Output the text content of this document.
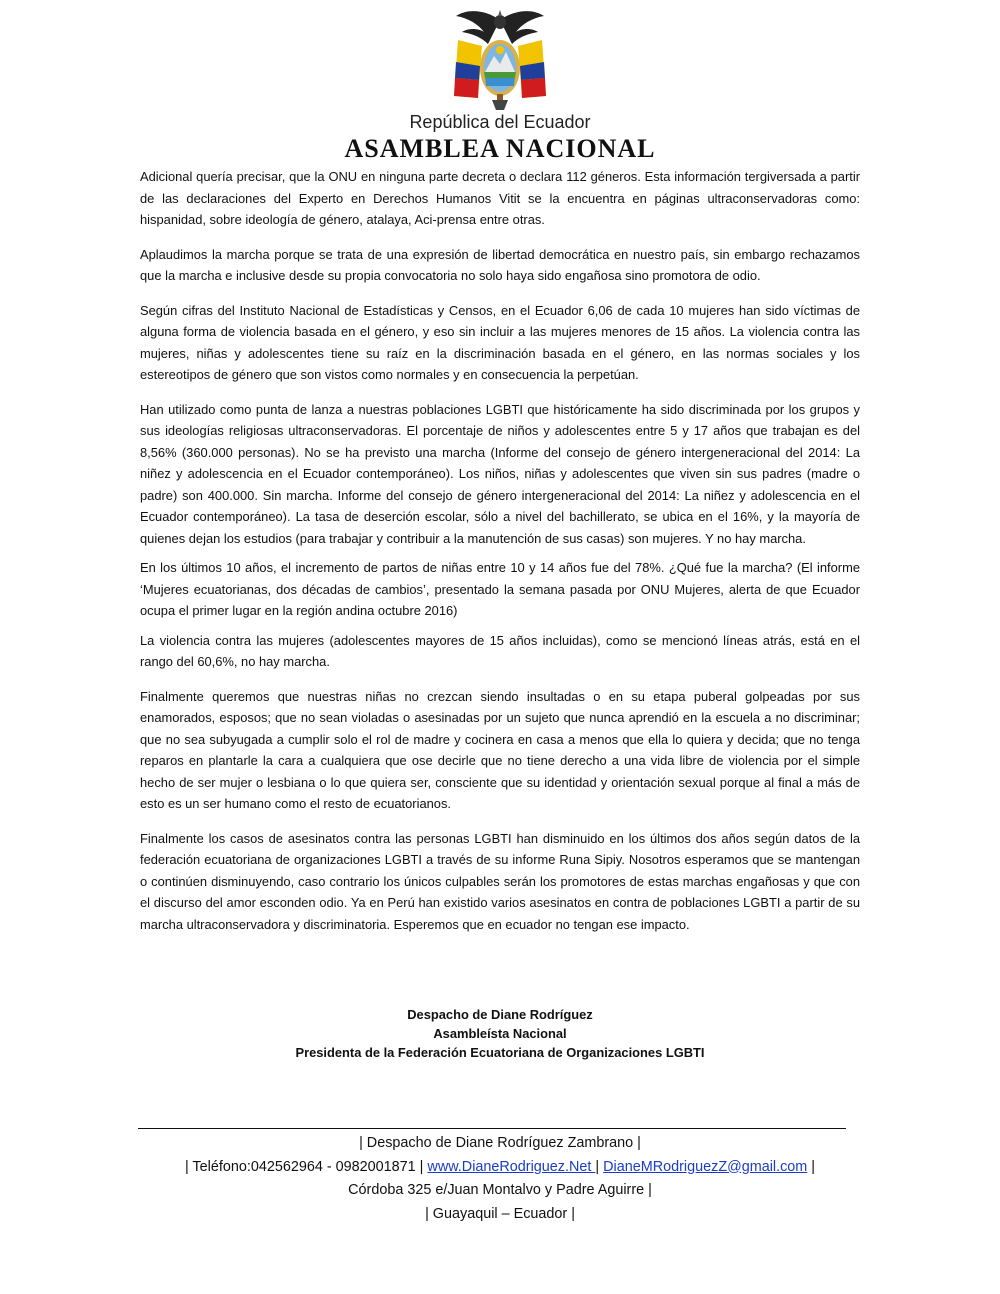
República del Ecuador
ASAMBLEA NACIONAL

Adicional quería precisar, que la ONU en ninguna parte decreta o declara 112 géneros. Esta información tergiversada a partir de las declaraciones del Experto en Derechos Humanos Vitit se la encuentra en páginas ultraconservadoras como: hispanidad, sobre ideología de género, atalaya, Aci-prensa entre otras.

Aplaudimos la marcha porque se trata de una expresión de libertad democrática en nuestro país, sin embargo rechazamos que la marcha e inclusive desde su propia convocatoria no solo haya sido engañosa sino promotora de odio.

Según cifras del Instituto Nacional de Estadísticas y Censos, en el Ecuador 6,06 de cada 10 mujeres han sido víctimas de alguna forma de violencia basada en el género, y eso sin incluir a las mujeres menores de 15 años. La violencia contra las mujeres, niñas y adolescentes tiene su raíz en la discriminación basada en el género, en las normas sociales y los estereotipos de género que son vistos como normales y en consecuencia la perpetúan.

Han utilizado como punta de lanza a nuestras poblaciones LGBTI que históricamente ha sido discriminada por los grupos y sus ideologías religiosas ultraconservadoras. El porcentaje de niños y adolescentes entre 5 y 17 años que trabajan es del 8,56% (360.000 personas). No se ha previsto una marcha (Informe del consejo de género intergeneracional del 2014: La niñez y adolescencia en el Ecuador contemporáneo). Los niños, niñas y adolescentes que viven sin sus padres (madre o padre) son 400.000. Sin marcha. Informe del consejo de género intergeneracional del 2014: La niñez y adolescencia en el Ecuador contemporáneo). La tasa de deserción escolar, sólo a nivel del bachillerato, se ubica en el 16%, y la mayoría de quienes dejan los estudios (para trabajar y contribuir a la manutención de sus casas) son mujeres. Y no hay marcha.

En los últimos 10 años, el incremento de partos de niñas entre 10 y 14 años fue del 78%. ¿Qué fue la marcha? (El informe ‘Mujeres ecuatorianas, dos décadas de cambios’, presentado la semana pasada por ONU Mujeres, alerta de que Ecuador ocupa el primer lugar en la región andina octubre 2016)

La violencia contra las mujeres (adolescentes mayores de 15 años incluidas), como se mencionó líneas atrás, está en el rango del 60,6%, no hay marcha.

Finalmente queremos que nuestras niñas no crezcan siendo insultadas o en su etapa puberal golpeadas por sus enamorados, esposos; que no sean violadas o asesinadas por un sujeto que nunca aprendió en la escuela a no discriminar; que no sea subyugada a cumplir solo el rol de madre y cocinera en casa a menos que ella lo quiera y decida; que no tenga reparos en plantarle la cara a cualquiera que ose decirle que no tiene derecho a una vida libre de violencia por el simple hecho de ser mujer o lesbiana o lo que quiera ser, consciente que su identidad y orientación sexual porque al final a más de esto es un ser humano como el resto de ecuatorianos.

Finalmente los casos de asesinatos contra las personas LGBTI han disminuido en los últimos dos años según datos de la federación ecuatoriana de organizaciones LGBTI a través de su informe Runa Sipiy. Nosotros esperamos que se mantengan o continúen disminuyendo, caso contrario los únicos culpables serán los promotores de estas marchas engañosas y que con el discurso del amor esconden odio. Ya en Perú han existido varios asesinatos en contra de poblaciones LGBTI a partir de su marcha ultraconservadora y discriminatoria. Esperemos que en ecuador no tengan ese impacto.

Despacho de Diane Rodríguez
Asambleísta Nacional
Presidenta de la Federación Ecuatoriana de Organizaciones LGBTI
| Despacho de Diane Rodríguez Zambrano |
| Teléfono:042562964 - 0982001871 | www.DianeRodriguez.Net | DianeMRodriguezZ@gmail.com |
Córdoba 325 e/Juan Montalvo y Padre Aguirre |
| Guayaquil – Ecuador |
